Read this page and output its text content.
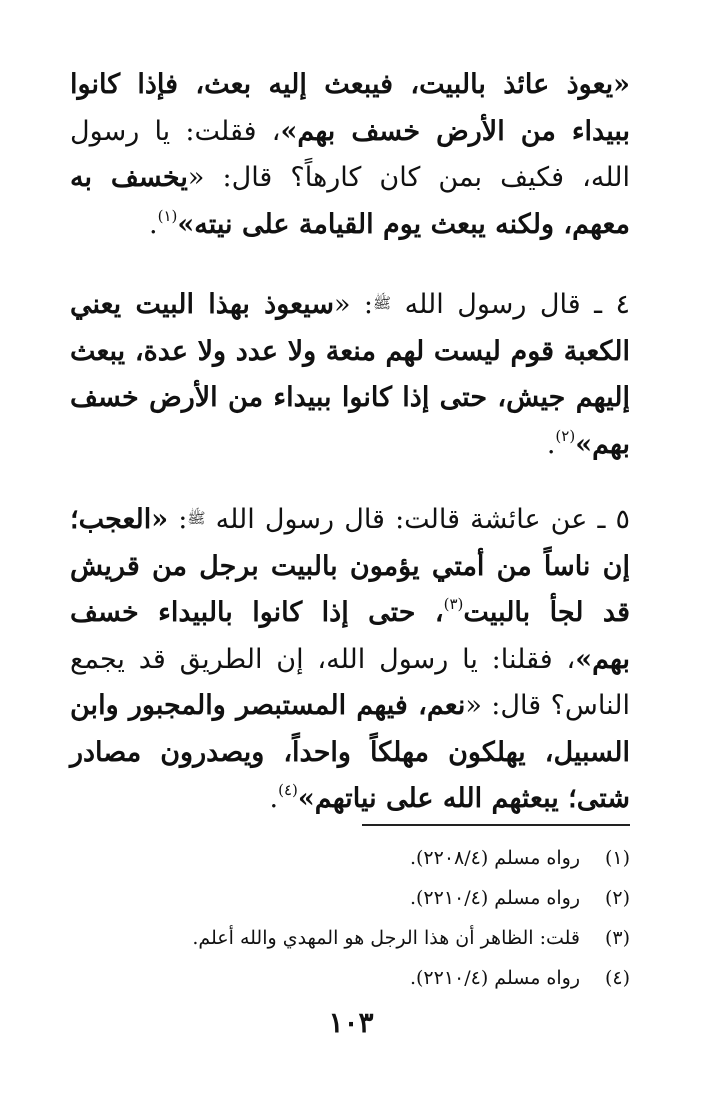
«يعوذ عائذ بالبيت، فيبعث إليه بعث، فإذا كانوا ببيداء من الأرض خسف بهم»، فقلت: يا رسول الله، فكيف بمن كان كارهاً؟ قال: «يخسف به معهم، ولكنه يبعث يوم القيامة على نيته»$^{(١)}$.
٤ ـ قال رسول الله ﷺ: «سيعوذ بهذا البيت يعني الكعبة قوم ليست لهم منعة ولا عدد ولا عدة، يبعث إليهم جيش، حتى إذا كانوا ببيداء من الأرض خسف بهم»$^{(٢)}$.
٥ ـ عن عائشة قالت: قال رسول الله ﷺ: «العجب؛ إن ناساً من أمتي يؤمون بالبيت برجل من قريش قد لجأ بالبيت$^{(٣)}$، حتى إذا كانوا بالبيداء خسف بهم»، فقلنا: يا رسول الله، إن الطريق قد يجمع الناس؟ قال: «نعم، فيهم المستبصر والمجبور وابن السبيل، يهلكون مهلكاً واحداً، ويصدرون مصادر شتى؛ يبعثهم الله على نياتهم»$^{(٤)}$.
(١)
رواه مسلم (٢٢٠٨/٤).
(٢)
رواه مسلم (٢٢١٠/٤).
(٣)
قلت: الظاهر أن هذا الرجل هو المهدي والله أعلم.
(٤)
رواه مسلم (٢٢١٠/٤).
١٠٣
